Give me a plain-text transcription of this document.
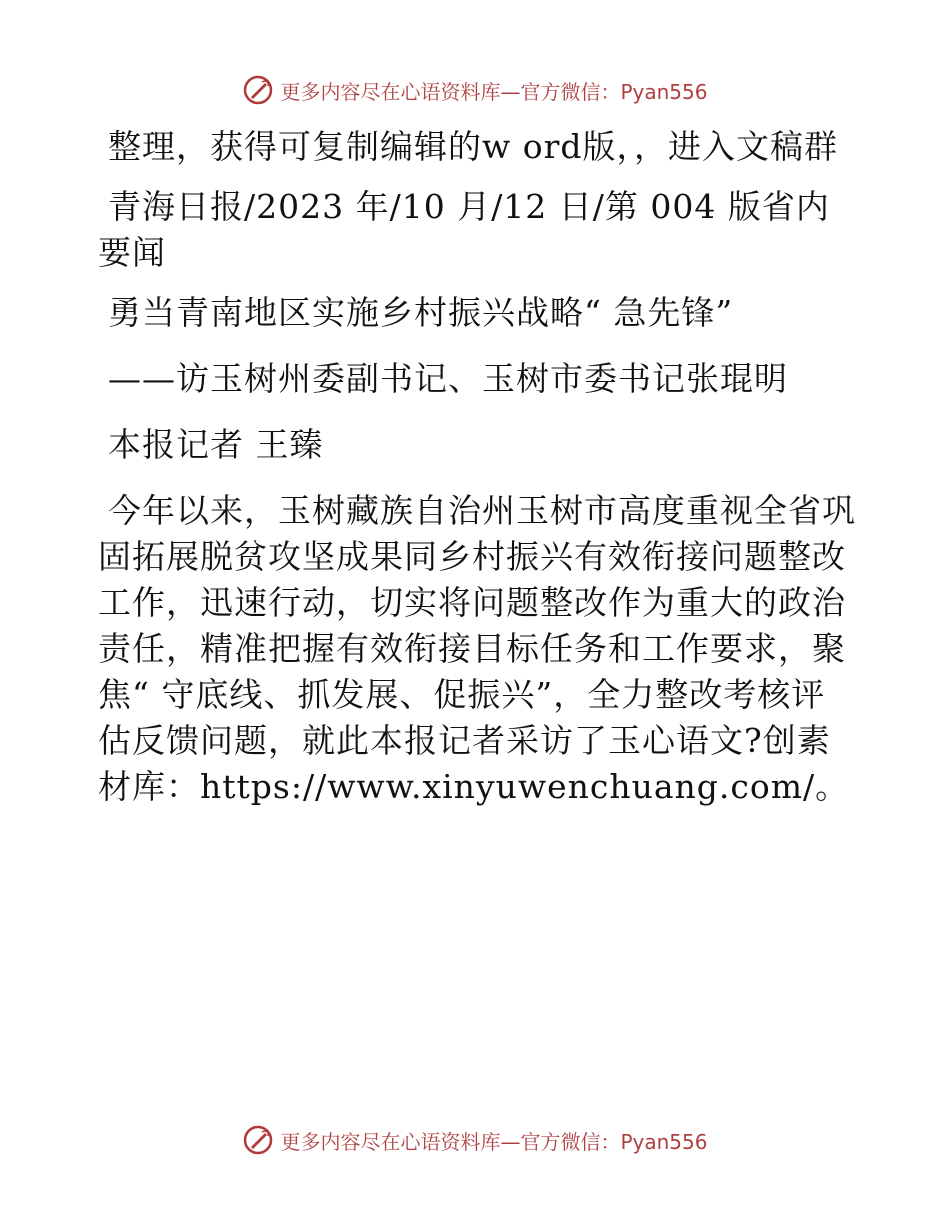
更多内容尽在心语资料库—官方微信：Pyan556

整理，获得可复制编辑的w ord版，，进入文稿群

青海日报/2023 年/10 月/12 日/第 004 版省内要闻

勇当青南地区实施乡村振兴战略“ 急先锋”

——访玉树州委副书记、玉树市委书记张琨明

本报记者 王臻

今年以来，玉树藏族自治州玉树市高度重视全省巩固拓展脱贫攻坚成果同乡村振兴有效衔接问题整改工作，迅速行动，切实将问题整改作为重大的政治责任，精准把握有效衔接目标任务和工作要求，聚焦“ 守底线、抓发展、促振兴”，全力整改考核评估反馈问题，就此本报记者采访了玉心语文?创素材库：https://www.xinyuwenchuang.com/。

更多内容尽在心语资料库—官方微信：Pyan556
